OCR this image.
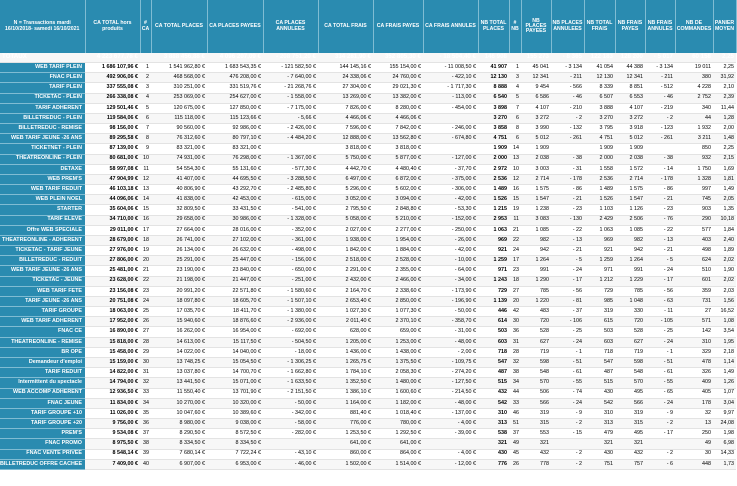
N = Transactions mardi 16/10/2018- samedi 16/10/2021	CA TOTAL hors produits	# CA	CA TOTAL PLACES	CA PLACES PAYEES	CA PLACES ANNULEES	CA TOTAL FRAIS	CA FRAIS PAYES	CA FRAIS ANNULES	NB TOTAL PLACES	# NB	NB PLACES PAYEES	NB PLACES ANNULEES	NB TOTAL FRAIS	NB FRAIS PAYES	NB FRAIS ANNULES	NB DE COMMANDES	PANIER MOYEN
TOTAUX	4 223 677,78 €		3 888 456,88 €	4 096 207,09 €	- 208 751,20 €	334 281,90 €	352 805,30 €	- 18 504,40 €	146 908		155 273	- 8 365	122 183	128 200	- 5 017	60 158	2,25
WEB TARIF PLEIN	1 686 107,96 €	1	1 541 962,80 €	1 683 543,35 €	- 121 582,50 €	144 145,16 €	155 154,00 €	- 11 008,50 €	41 907	1	45 041	- 3 134	41 054	44 388	- 3 134	19 011	2,25
FNAC PLEIN	492 906,06 €	2	468 568,00 €	476 208,00 €	- 7 640,00 €	24 338,06 €	24 760,00 €	- 422,10 €	12 130	3	12 341	- 211	12 130	12 341	- 211	380	31,92
TARIF PLEIN	337 555,08 €	3	310 251,00 €	331 519,76 €	- 21 268,76 €	27 304,00 €	29 021,30 €	- 1 717,30 €	8 888	4	9 454	- 566	8 339	8 851	- 512	4 228	2,10
TICKETAC - PLEIN	266 338,08 €	4	253 069,00 €	254 627,00 €	- 1 558,00 €	13 269,00 €	13 382,00 €	- 113,00 €	6 540	5	6 586	- 46	6 507	6 553	- 46	2 752	2,39
TARIF ADHERENT	129 501,46 €	5	120 675,00 €	127 850,00 €	- 7 175,00 €	7 826,00 €	8 280,00 €	- 454,00 €	3 898	7	4 107	- 210	3 888	4 107	- 219	340	11,44
BILLETREDUC - PLEIN	119 584,06 €	6	115 118,00 €	115 123,66 €	- 5,66 €	4 466,06 €	4 466,06 €		3 270	6	3 272	- 2	3 270	3 272	- 2	44	1,28
BILLETREDUC - REMISE	98 156,00 €	7	90 560,00 €	92 986,00 €	- 2 426,00 €	7 596,00 €	7 842,00 €	- 246,00 €	3 858	8	3 990	- 132	3 795	3 918	- 123	1 932	2,00
WEB TARIF JEUNE -26 ANS	89 295,58 €	8	76 312,60 €	80 797,10 €	- 4 484,20 €	12 888,00 €	13 562,80 €	- 674,80 €	4 751	6	5 012	- 261	4 751	5 012	- 261	3 211	1,48
TICKETNET - PLEIN	87 139,00 €	9	83 321,00 €	83 321,00 €		3 818,00 €	3 818,00 €		1 909	14	1 909		1 909	1 909		850	2,25
THEATREONLINE - PLEIN	80 681,00 €	10	74 931,00 €	76 298,00 €	- 1 367,00 €	5 750,00 €	5 877,00 €	- 127,00 €	2 000	13	2 038	- 38	2 000	2 038	- 38	932	2,15
DETAXE	58 997,08 €	11	54 554,30 €	55 131,60 €	- 577,30 €	4 442,70 €	4 480,40 €	- 37,70 €	2 972	10	3 003	- 31	1 558	1 572	- 14	1 750	1,69
WEB PREM'S	47 904,99 €	12	41 407,00 €	44 695,50 €	- 3 288,50 €	6 497,00 €	6 872,00 €	- 375,00 €	2 536	12	2 714	- 178	2 536	2 714	- 178	1 328	1,81
WEB TARIF REDUIT	46 103,18 €	13	40 806,90 €	43 292,70 €	- 2 485,80 €	5 296,00 €	5 602,00 €	- 306,00 €	1 489	16	1 575	- 86	1 489	1 575	- 86	997	1,49
WEB PLEIN NOEL	44 096,06 €	14	41 838,00 €	42 453,00 €	- 615,00 €	3 052,00 €	3 094,00 €	- 42,00 €	1 526	15	1 547	- 21	1 526	1 547	- 21	745	2,05
STARTER	35 604,06 €	15	32 809,50 €	33 431,50 €	- 541,00 €	2 795,50 €	2 848,80 €	- 53,30 €	1 215	19	1 238	- 23	1 103	1 126	- 23	903	1,35
TARIF ELEVE	34 710,00 €	16	29 658,00 €	30 986,00 €	- 1 328,00 €	5 058,00 €	5 210,00 €	- 152,00 €	2 953	11	3 083	- 130	2 429	2 506	- 76	290	10,18
Offre WEB SPECIALE	29 011,00 €	17	27 664,00 €	28 016,00 €	- 352,00 €	2 027,00 €	2 277,00 €	- 250,00 €	1 063	21	1 085	- 22	1 063	1 085	- 22	577	1,84
THEATREONLINE - ADHERENT	28 679,00 €	18	26 741,00 €	27 102,00 €	- 361,00 €	1 938,00 €	1 954,00 €	- 26,00 €	969	22	982	- 13	969	982	- 13	403	2,40
TICKETAC - TARIF JEUNE	27 976,00 €	19	26 134,00 €	26 632,00 €	- 498,00 €	1 842,00 €	1 884,00 €	- 42,00 €	921	24	942	- 21	921	942	- 21	498	1,89
BILLETREDUC - REDUIT	27 806,00 €	20	25 291,00 €	25 447,00 €	- 156,00 €	2 518,00 €	2 528,00 €	- 10,00 €	1 259	17	1 264	- 5	1 259	1 264	- 5	624	2,02
WEB TARIF JEUNE -26 ANS	25 481,00 €	21	23 190,00 €	23 840,00 €	- 650,00 €	2 291,00 €	2 355,00 €	- 64,00 €	971	23	991	- 24	971	991	- 24	510	1,90
TICKETAC - JEUNE	23 628,00 €	22	21 198,00 €	21 447,00 €	- 251,00 €	2 432,00 €	2 466,00 €	- 34,00 €	1 243	18	1 290	- 17	1 212	1 229	- 17	601	2,02
WEB TARIF FETE	23 156,08 €	23	20 991,20 €	22 571,80 €	- 1 580,60 €	2 164,70 €	2 338,60 €	- 173,90 €	729	27	785	- 56	729	785	- 56	359	2,03
TARIF JEUNE -26 ANS	20 751,08 €	24	18 097,80 €	18 605,70 €	- 1 507,10 €	2 653,40 €	2 850,00 €	- 196,90 €	1 139	20	1 220	- 81	985	1 048	- 63	731	1,56
TARIF GROUPE	18 063,00 €	25	17 035,70 €	18 411,70 €	- 1 380,00 €	1 027,30 €	1 077,30 €	- 50,00 €	446	42	483	- 37	319	330	- 11	27	16,52
WEB TARIF ADHERENT	17 952,00 €	26	15 940,60 €	18 876,60 €	- 2 936,00 €	2 011,40 €	2 370,10 €	- 358,70 €	614	30	720	- 106	615	720	- 105	571	1,08
FNAC CE	16 890,00 €	27	16 262,00 €	16 954,00 €	- 692,00 €	628,00 €	659,00 €	- 31,00 €	503	36	528	- 25	503	528	- 25	142	3,54
THEATREONLINE - REMISE	15 818,00 €	28	14 613,00 €	15 117,50 €	- 504,50 €	1 205,00 €	1 253,00 €	- 48,00 €	603	31	627	- 24	603	627	- 24	310	1,95
BR OPE	15 458,00 €	29	14 022,00 €	14 040,00 €	- 18,00 €	1 436,00 €	1 438,00 €	- 2,00 €	718	28	719	- 1	718	719	- 1	329	2,18
Demandeur d'emploi	15 159,00 €	30	13 748,25 €	15 054,50 €	- 1 306,25 €	1 265,75 €	1 375,50 €	- 109,75 €	547	32	598	- 51	547	598	- 51	478	1,14
TARIF REDUIT	14 822,00 €	31	13 037,80 €	14 700,70 €	- 1 662,80 €	1 784,10 €	2 058,30 €	- 274,20 €	487	38	548	- 61	487	548	- 61	326	1,49
Intermittent du spectacle	14 794,00 €	32	13 441,50 €	15 071,00 €	- 1 633,50 €	1 352,50 €	1 480,00 €	- 127,50 €	515	34	570	- 55	515	570	- 55	409	1,26
WEB ACCOMP ADHERENT	12 936,50 €	33	11 550,40 €	13 701,90 €	- 2 151,50 €	1 386,10 €	1 600,60 €	- 214,50 €	432	44	506	- 74	430	495	- 65	405	1,07
FNAC JEUNE	11 834,00 €	34	10 270,00 €	10 320,00 €	- 50,00 €	1 164,00 €	1 182,00 €	- 48,00 €	542	33	566	- 24	542	566	- 24	178	3,04
TARIF GROUPE +10	11 026,00 €	35	10 047,60 €	10 389,60 €	- 342,00 €	881,40 €	1 018,40 €	- 137,00 €	310	46	319	- 9	310	319	- 9	32	9,97
TARIF GROUPE +20	9 756,00 €	36	8 980,00 €	9 038,00 €	- 58,00 €	776,00 €	780,00 €	- 4,00 €	313	51	315	- 2	313	315	- 2	13	24,08
PREM'S	9 534,08 €	37	8 290,50 €	8 572,50 €	- 282,00 €	1 253,50 €	1 292,50 €	- 39,00 €	538	37	553	- 15	479	495	- 17	250	1,98
FNAC PROMO	8 975,50 €	38	8 334,50 €	8 334,50 €		641,00 €	641,00 €		321	49	321		321	321		49	6,98
FNAC VENTE PRIVEE	8 548,14 €	39	7 680,14 €	7 722,24 €	- 43,10 €	860,00 €	864,00 €	- 4,00 €	430	45	432	- 2	430	432	- 2	30	14,33
BILLETREDUC OFFRE CACHEE	7 409,00 €	40	6 907,00 €	6 953,00 €	- 46,00 €	1 502,00 €	1 514,00 €	- 12,00 €	776	26	778	- 2	751	757	- 6	448	1,73
